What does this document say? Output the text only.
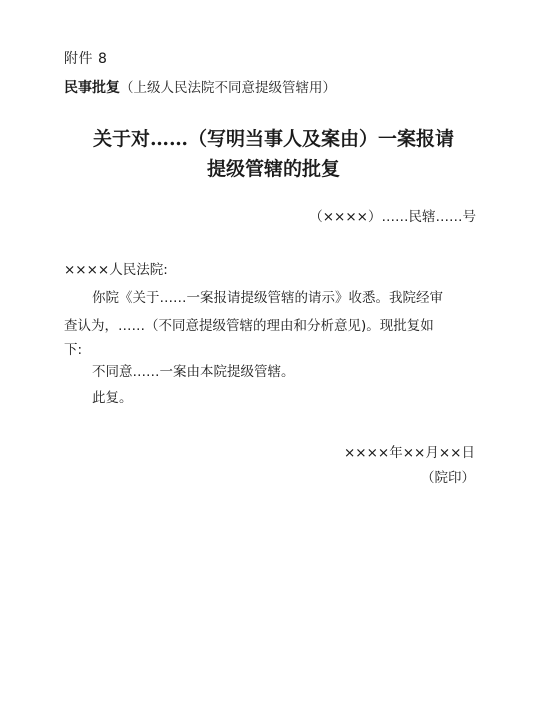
附件 8
民事批复（上级人民法院不同意提级管辖用）
关于对……（写明当事人及案由）一案报请
提级管辖的批复
（××××）……民辖……号
××××人民法院:
你院《关于……一案报请提级管辖的请示》收悉。我院经审
查认为，……（不同意提级管辖的理由和分析意见)。现批复如
下:
不同意……一案由本院提级管辖。
此复。
××××年××月××日
（院印）
